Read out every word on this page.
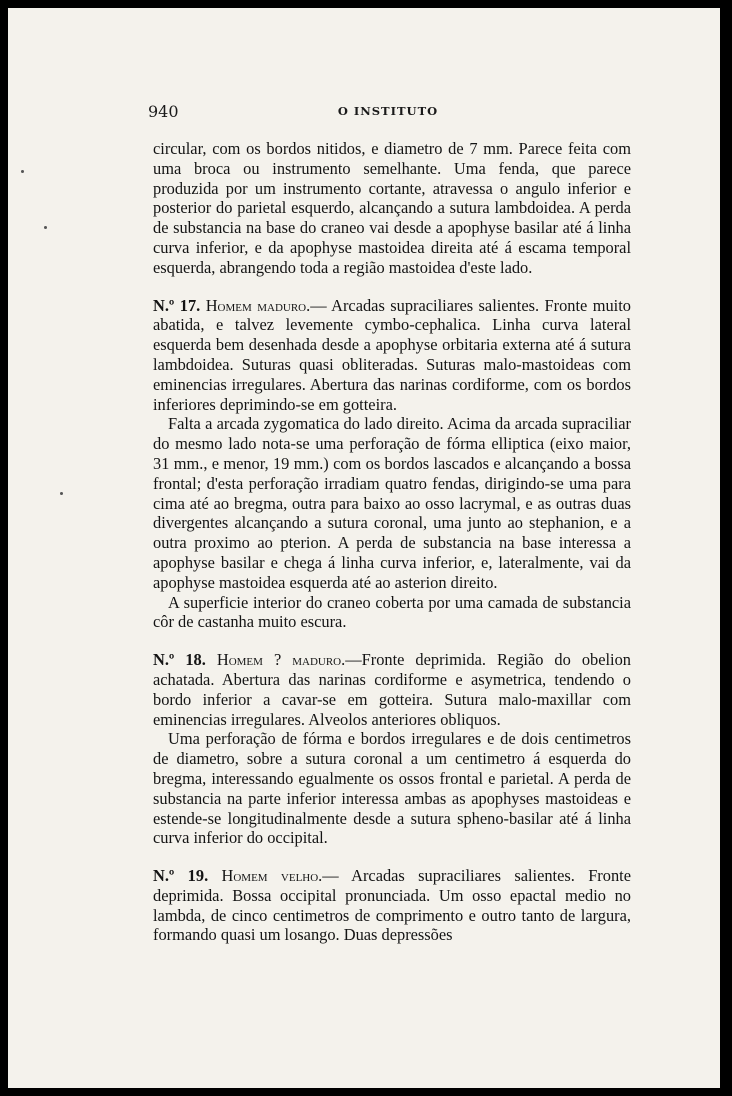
940	O INSTITUTO

circular, com os bordos nitidos, e diametro de 7 mm. Parece feita com uma broca ou instrumento semelhante. Uma fenda, que parece produzida por um instrumento cortante, atravessa o angulo inferior e posterior do parietal esquerdo, alcançando a sutura lambdoidea. A perda de substancia na base do craneo vai desde a apophyse basilar até á linha curva inferior, e da apophyse mastoidea direita até á escama temporal esquerda, abrangendo toda a região mastoidea d'este lado.

N.º 17. Homem maduro.— Arcadas supraciliares salientes. Fronte muito abatida, e talvez levemente cymbo-cephalica. Linha curva lateral esquerda bem desenhada desde a apophyse orbitaria externa até á sutura lambdoidea. Suturas quasi obliteradas. Suturas malo-mastoideas com eminencias irregulares. Abertura das narinas cordiforme, com os bordos inferiores deprimindo-se em gotteira.

Falta a arcada zygomatica do lado direito. Acima da arcada supraciliar do mesmo lado nota-se uma perforação de fórma elliptica (eixo maior, 31 mm., e menor, 19 mm.) com os bordos lascados e alcançando a bossa frontal; d'esta perforação irradiam quatro fendas, dirigindo-se uma para cima até ao bregma, outra para baixo ao osso lacrymal, e as outras duas divergentes alcançando a sutura coronal, uma junto ao stephanion, e a outra proximo ao pterion. A perda de substancia na base interessa a apophyse basilar e chega á linha curva inferior, e, lateralmente, vai da apophyse mastoidea esquerda até ao asterion direito.

A superficie interior do craneo coberta por uma camada de substancia côr de castanha muito escura.

N.º 18. Homem ? maduro.—Fronte deprimida. Região do obelion achatada. Abertura das narinas cordiforme e asymetrica, tendendo o bordo inferior a cavar-se em gotteira. Sutura malo-maxillar com eminencias irregulares. Alveolos anteriores obliquos.

Uma perforação de fórma e bordos irregulares e de dois centimetros de diametro, sobre a sutura coronal a um centimetro á esquerda do bregma, interessando egualmente os ossos frontal e parietal. A perda de substancia na parte inferior interessa ambas as apophyses mastoideas e estende-se longitudinalmente desde a sutura spheno-basilar até á linha curva inferior do occipital.

N.º 19. Homem velho.— Arcadas supraciliares salientes. Fronte deprimida. Bossa occipital pronunciada. Um osso epactal medio no lambda, de cinco centimetros de comprimento e outro tanto de largura, formando quasi um losango. Duas depressões
